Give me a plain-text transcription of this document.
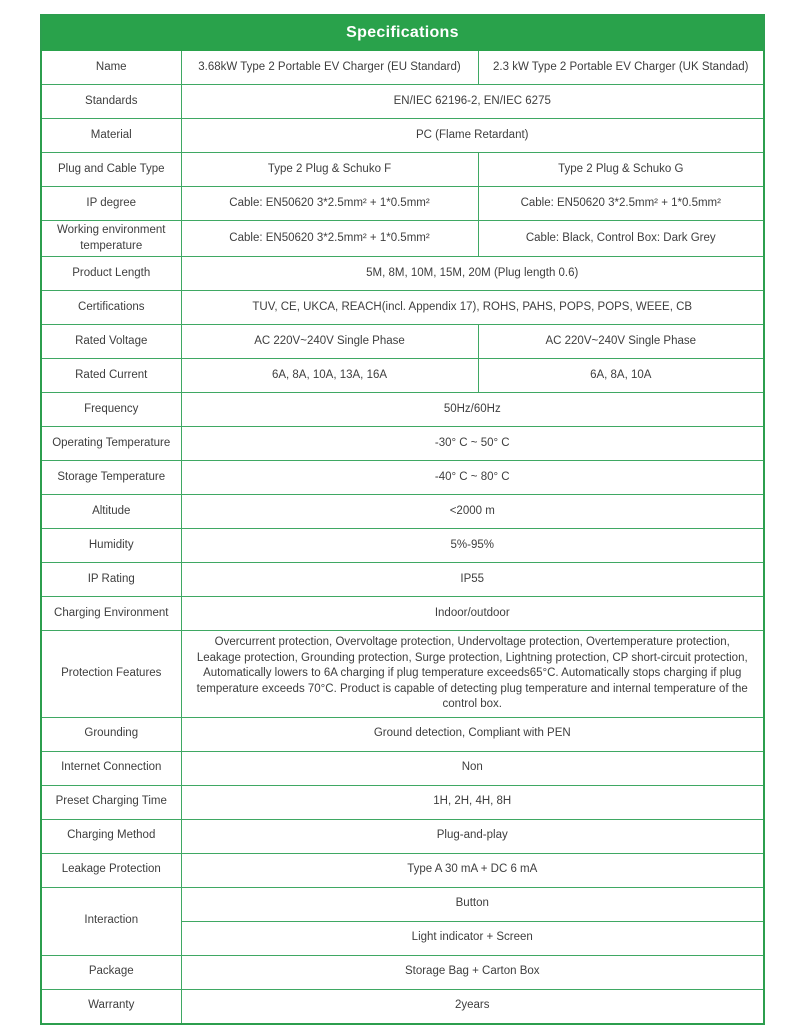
Specifications		
Name	3.68kW Type 2 Portable EV Charger (EU Standard)	2.3 kW Type 2 Portable EV Charger (UK Standad)
Standards	EN/IEC 62196-2, EN/IEC 6275	
Material	PC (Flame Retardant)	
Plug and Cable Type	Type 2 Plug & Schuko F	Type 2 Plug & Schuko G
IP degree	Cable: EN50620 3*2.5mm² + 1*0.5mm²	Cable: EN50620 3*2.5mm² + 1*0.5mm²
Working environment temperature	Cable: EN50620 3*2.5mm² + 1*0.5mm²	Cable: Black, Control Box: Dark Grey
Product Length	5M, 8M, 10M, 15M, 20M (Plug length 0.6)	
Certifications	TUV, CE, UKCA, REACH(incl. Appendix 17), ROHS, PAHS, POPS, POPS, WEEE, CB	
Rated Voltage	AC 220V~240V Single Phase	AC 220V~240V Single Phase
Rated Current	6A, 8A, 10A, 13A, 16A	6A, 8A, 10A
Frequency	50Hz/60Hz	
Operating Temperature	-30° C ~ 50° C	
Storage Temperature	-40° C ~ 80° C	
Altitude	<2000 m	
Humidity	5%-95%	
IP Rating	IP55	
Charging Environment	Indoor/outdoor	
Protection Features	Overcurrent protection, Overvoltage protection, Undervoltage protection, Overtemperature protection, Leakage protection, Grounding protection, Surge protection, Lightning protection, CP short-circuit protection, Automatically lowers to 6A charging if plug temperature exceeds65°C. Automatically stops charging if plug temperature exceeds 70°C. Product is capable of detecting plug temperature and internal temperature of the control box.	
Grounding	Ground detection, Compliant with PEN	
Internet Connection	Non	
Preset Charging Time	1H, 2H, 4H, 8H	
Charging Method	Plug-and-play	
Leakage Protection	Type A 30 mA + DC 6 mA	
Interaction	Button	
	Light indicator + Screen	
Package	Storage Bag + Carton Box	
Warranty	2years	
